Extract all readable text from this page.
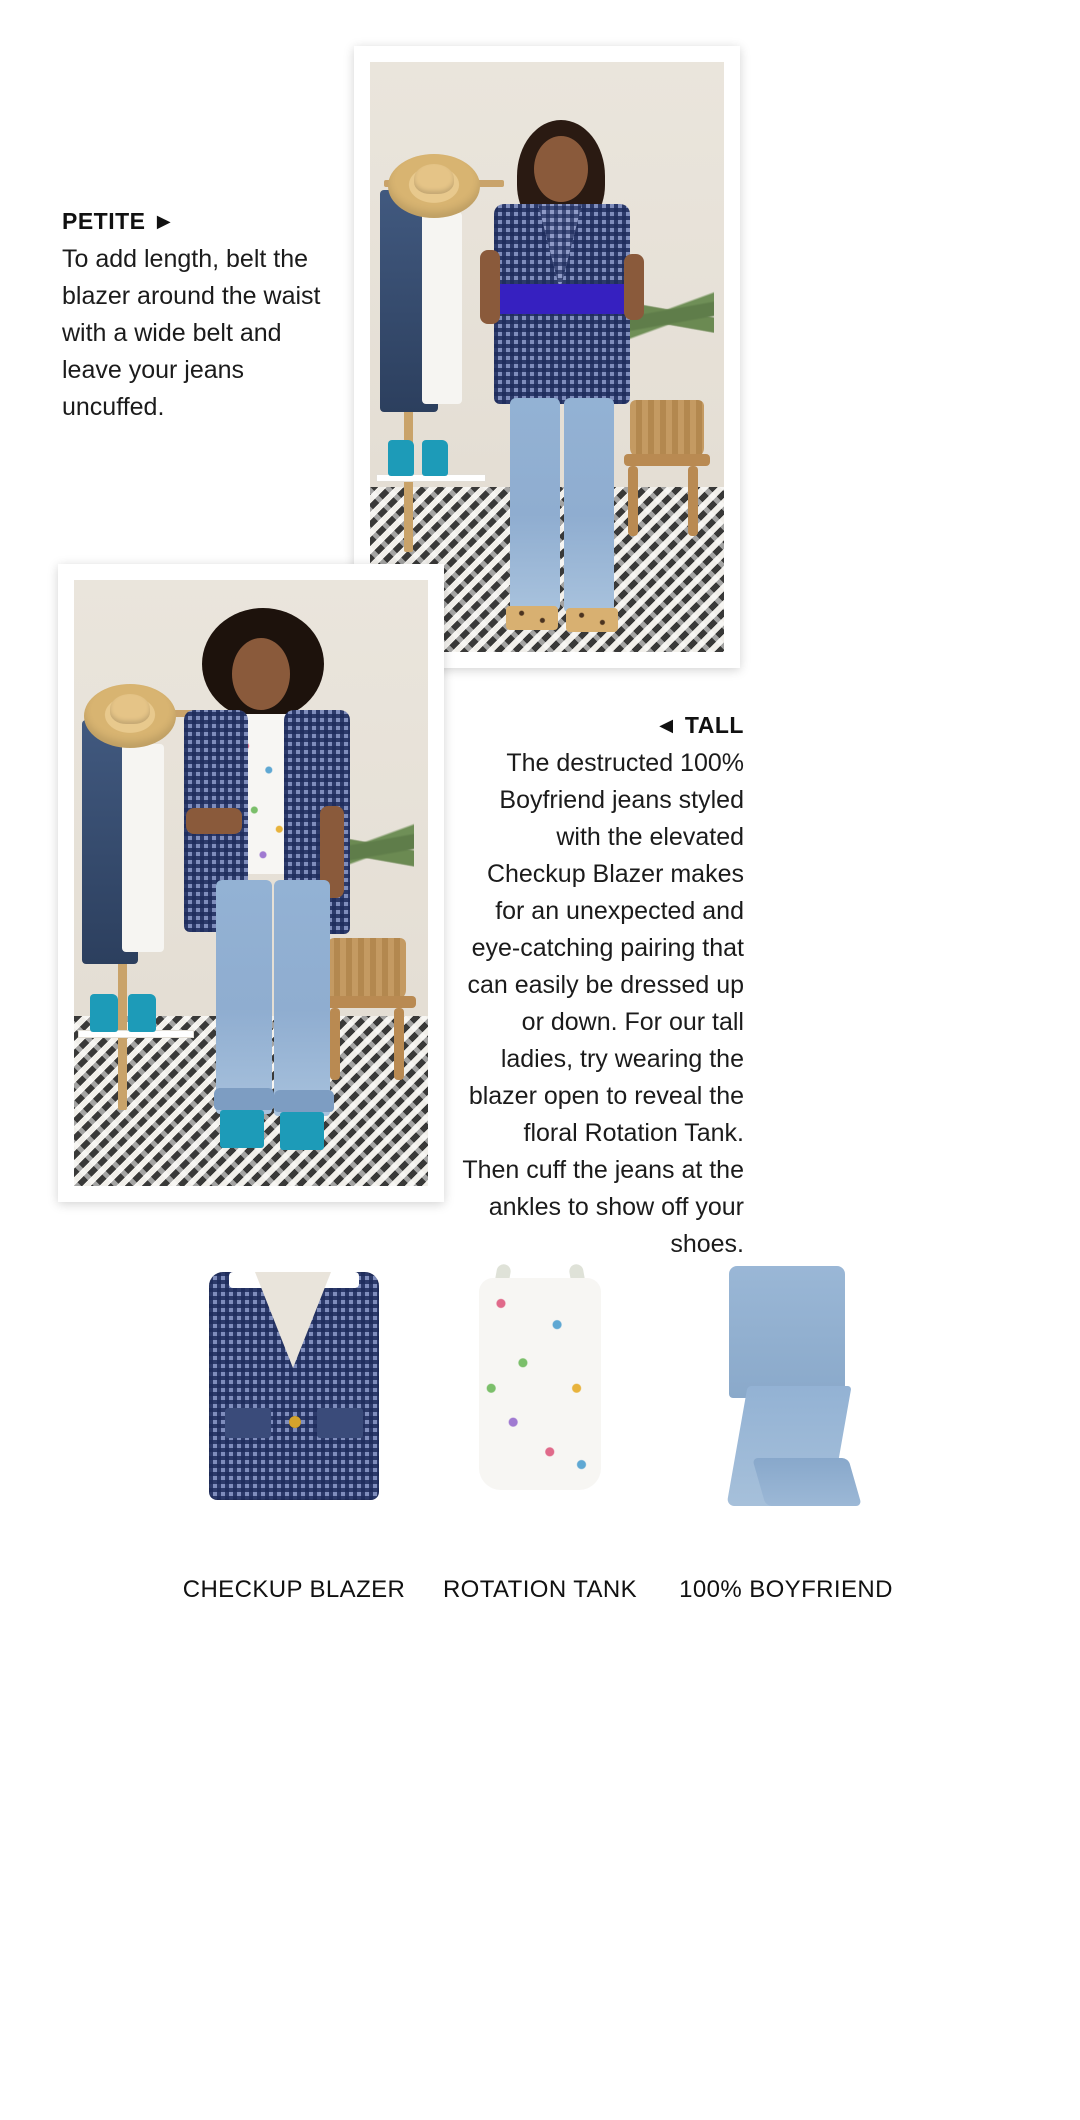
PETITE ►
To add length, belt the blazer around the waist with a wide belt and leave your jeans uncuffed.
◄ TALL
The destructed 100% Boyfriend jeans styled with the elevated Checkup Blazer makes for an unexpected and eye-catching pairing that can easily be dressed up or down. For our tall ladies, try wearing the blazer open to reveal the floral Rotation Tank. Then cuff the jeans at the ankles to show off your shoes.
CHECKUP BLAZER	ROTATION TANK	100% BOYFRIEND
